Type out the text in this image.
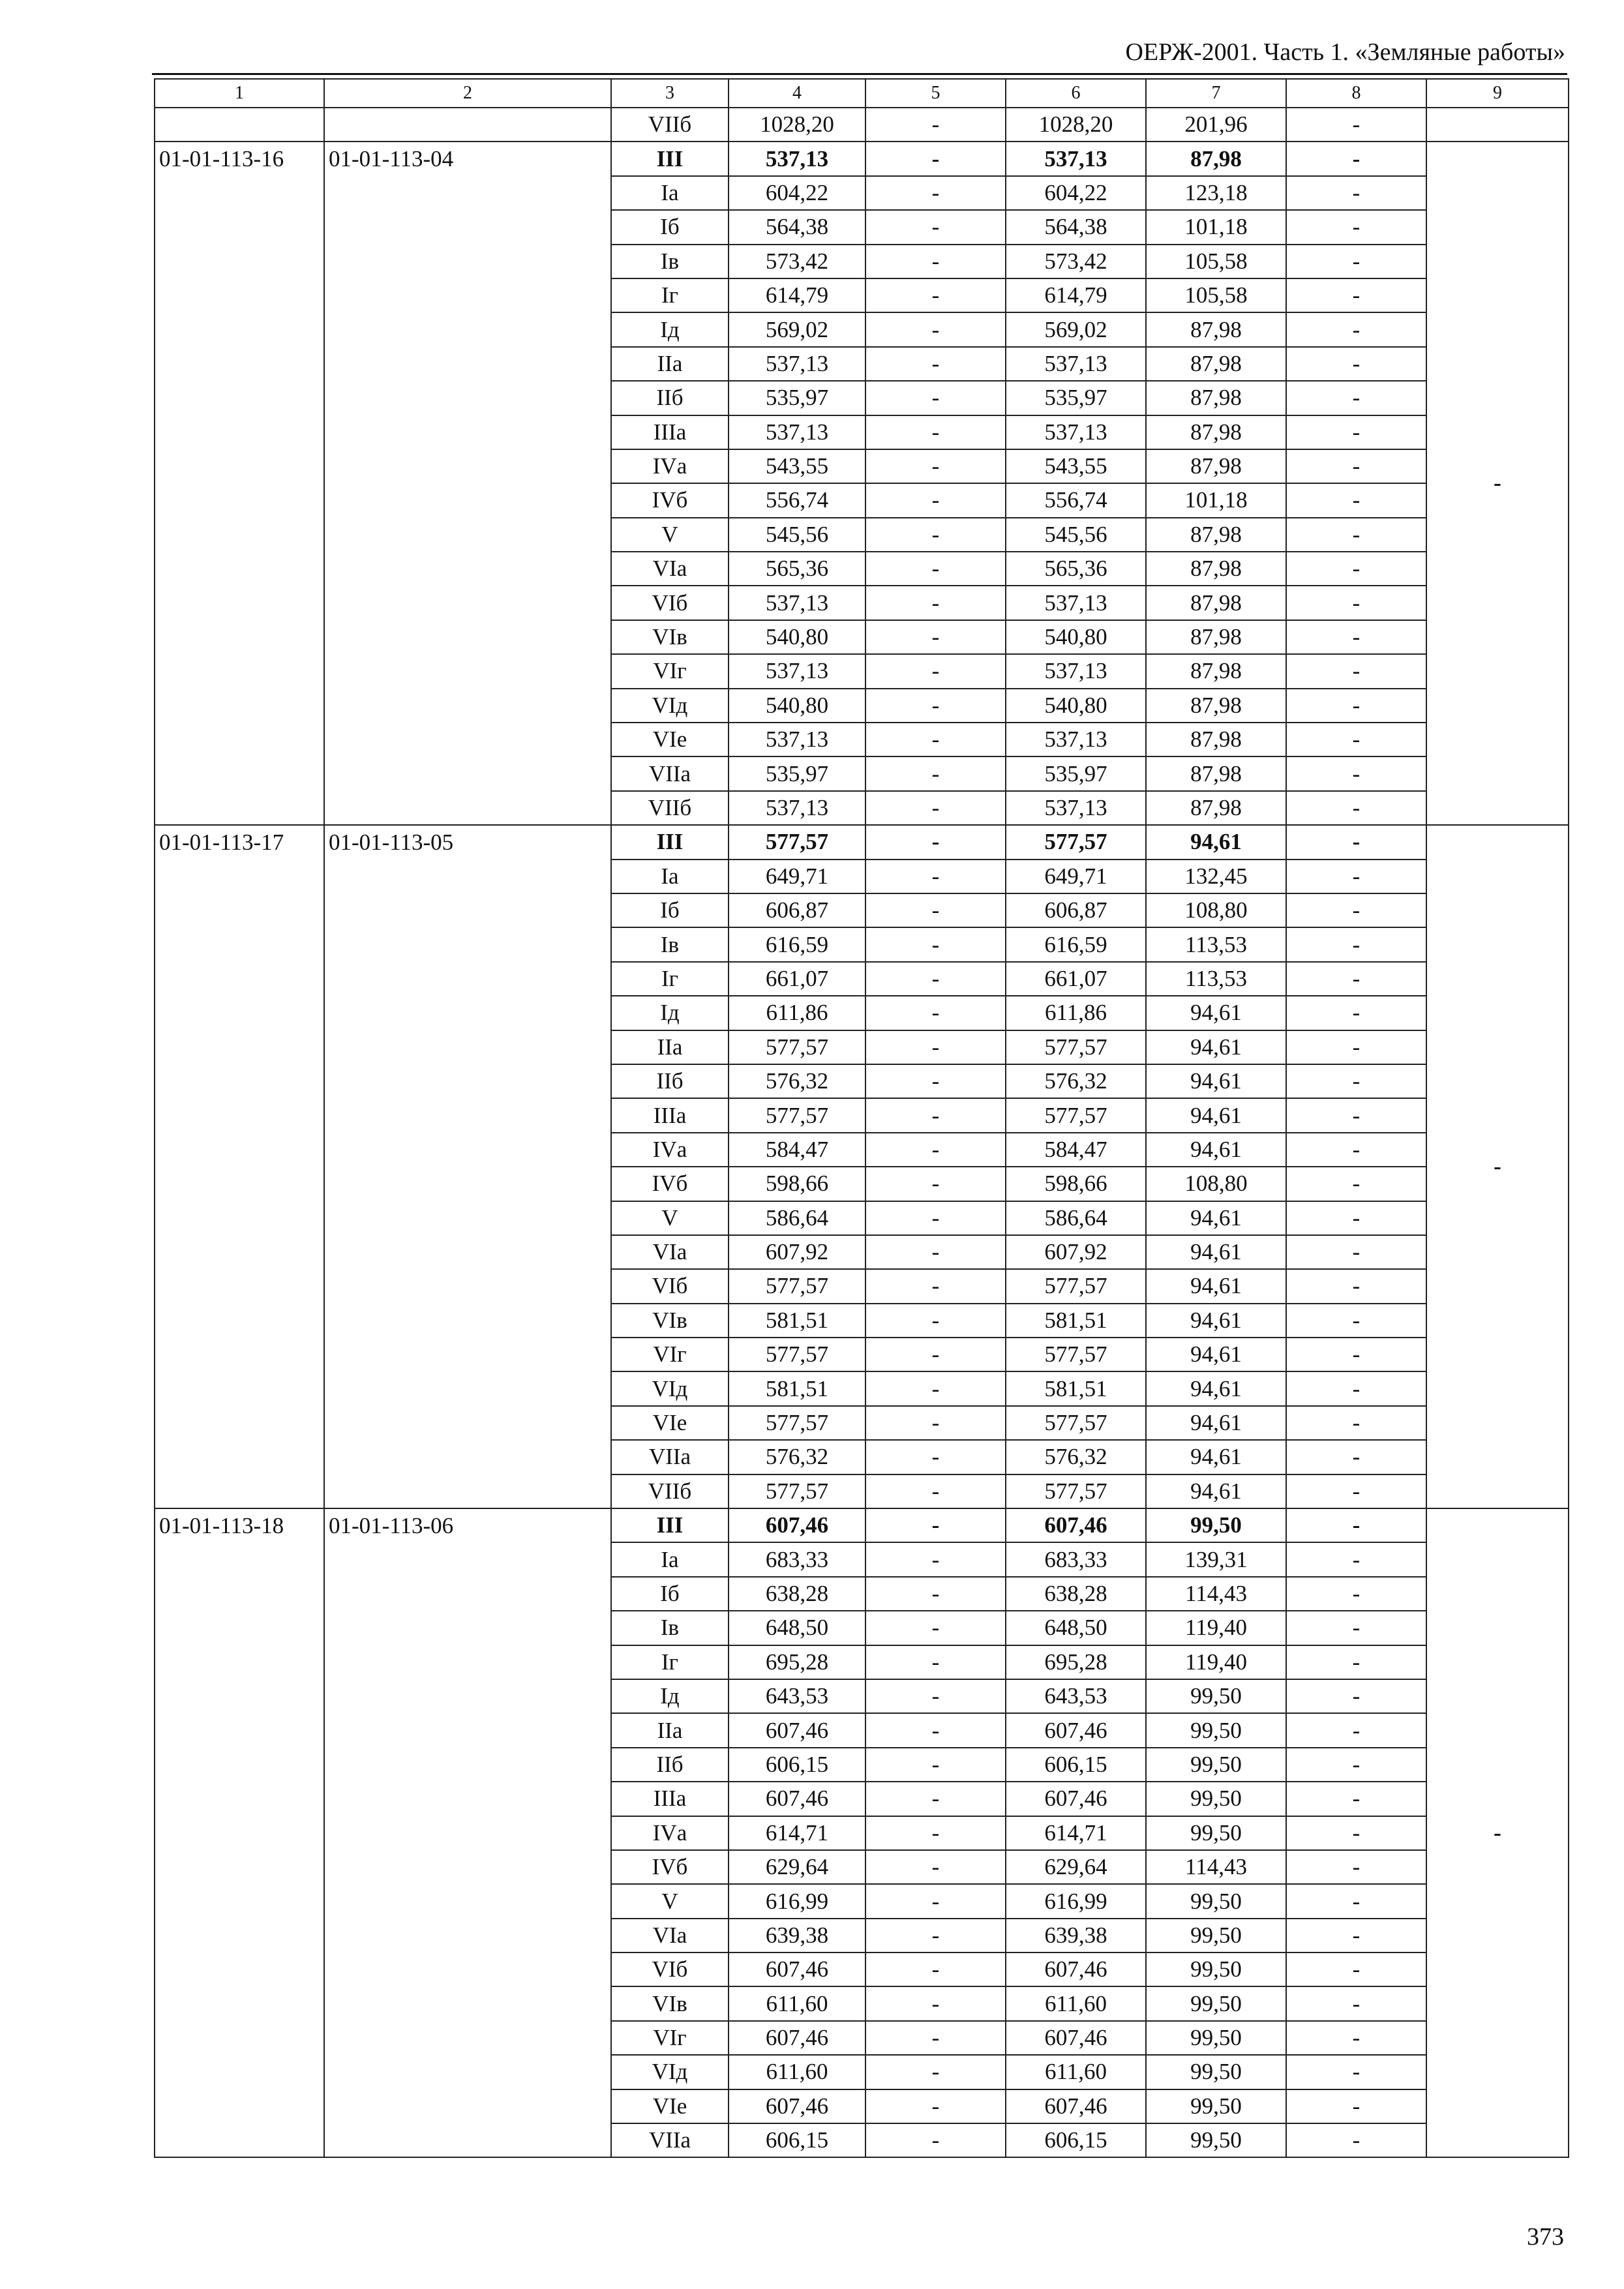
ОЕРЖ-2001. Часть 1. «Земляные работы»
1	2	3	4	5	6	7	8	9
		VIIб	1028,20	-	1028,20	201,96	-	
01-01-113-16	01-01-113-04	III	537,13	-	537,13	87,98	-	-
		Iа	604,22	-	604,22	123,18	-	
		Iб	564,38	-	564,38	101,18	-	
		Iв	573,42	-	573,42	105,58	-	
		Iг	614,79	-	614,79	105,58	-	
		Iд	569,02	-	569,02	87,98	-	
		IIа	537,13	-	537,13	87,98	-	
		IIб	535,97	-	535,97	87,98	-	
		IIIа	537,13	-	537,13	87,98	-	
		IVа	543,55	-	543,55	87,98	-	
		IVб	556,74	-	556,74	101,18	-	
		V	545,56	-	545,56	87,98	-	
		VIа	565,36	-	565,36	87,98	-	
		VIб	537,13	-	537,13	87,98	-	
		VIв	540,80	-	540,80	87,98	-	
		VIг	537,13	-	537,13	87,98	-	
		VIд	540,80	-	540,80	87,98	-	
		VIе	537,13	-	537,13	87,98	-	
		VIIа	535,97	-	535,97	87,98	-	
		VIIб	537,13	-	537,13	87,98	-	
01-01-113-17	01-01-113-05	III	577,57	-	577,57	94,61	-	-
		Iа	649,71	-	649,71	132,45	-	
		Iб	606,87	-	606,87	108,80	-	
		Iв	616,59	-	616,59	113,53	-	
		Iг	661,07	-	661,07	113,53	-	
		Iд	611,86	-	611,86	94,61	-	
		IIа	577,57	-	577,57	94,61	-	
		IIб	576,32	-	576,32	94,61	-	
		IIIа	577,57	-	577,57	94,61	-	
		IVа	584,47	-	584,47	94,61	-	
		IVб	598,66	-	598,66	108,80	-	
		V	586,64	-	586,64	94,61	-	
		VIа	607,92	-	607,92	94,61	-	
		VIб	577,57	-	577,57	94,61	-	
		VIв	581,51	-	581,51	94,61	-	
		VIг	577,57	-	577,57	94,61	-	
		VIд	581,51	-	581,51	94,61	-	
		VIе	577,57	-	577,57	94,61	-	
		VIIа	576,32	-	576,32	94,61	-	
		VIIб	577,57	-	577,57	94,61	-	
01-01-113-18	01-01-113-06	III	607,46	-	607,46	99,50	-	-
		Iа	683,33	-	683,33	139,31	-	
		Iб	638,28	-	638,28	114,43	-	
		Iв	648,50	-	648,50	119,40	-	
		Iг	695,28	-	695,28	119,40	-	
		Iд	643,53	-	643,53	99,50	-	
		IIа	607,46	-	607,46	99,50	-	
		IIб	606,15	-	606,15	99,50	-	
		IIIа	607,46	-	607,46	99,50	-	
		IVа	614,71	-	614,71	99,50	-	
		IVб	629,64	-	629,64	114,43	-	
		V	616,99	-	616,99	99,50	-	
		VIа	639,38	-	639,38	99,50	-	
		VIб	607,46	-	607,46	99,50	-	
		VIв	611,60	-	611,60	99,50	-	
		VIг	607,46	-	607,46	99,50	-	
		VIд	611,60	-	611,60	99,50	-	
		VIе	607,46	-	607,46	99,50	-	
		VIIа	606,15	-	606,15	99,50	-	
373
